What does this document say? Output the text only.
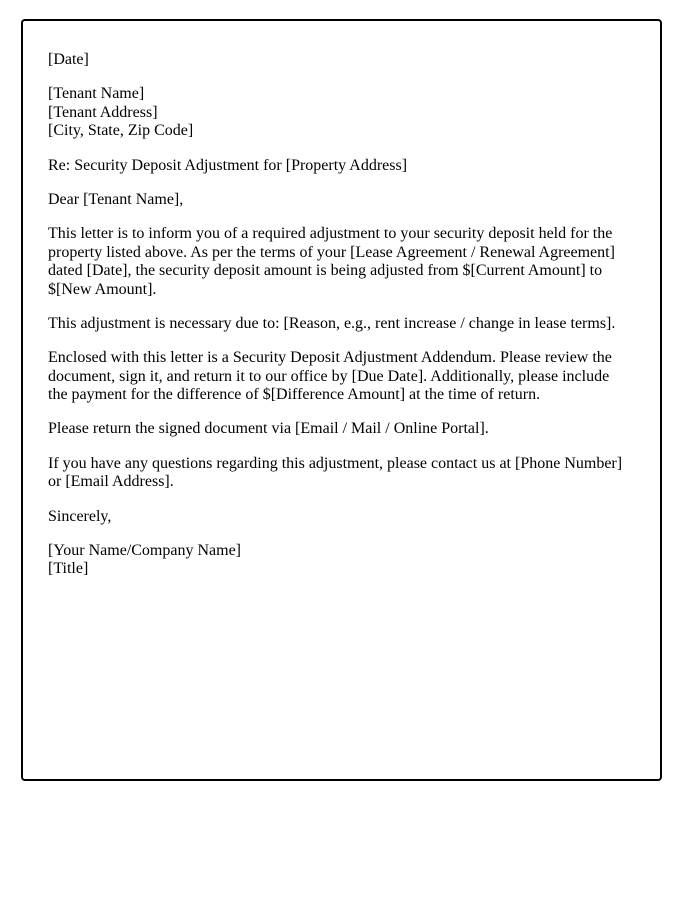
[Date]

[Tenant Name]
[Tenant Address]
[City, State, Zip Code]

Re: Security Deposit Adjustment for [Property Address]

Dear [Tenant Name],

This letter is to inform you of a required adjustment to your security deposit held for the property listed above. As per the terms of your [Lease Agreement / Renewal Agreement] dated [Date], the security deposit amount is being adjusted from $[Current Amount] to $[New Amount].

This adjustment is necessary due to: [Reason, e.g., rent increase / change in lease terms].

Enclosed with this letter is a Security Deposit Adjustment Addendum. Please review the document, sign it, and return it to our office by [Due Date]. Additionally, please include the payment for the difference of $[Difference Amount] at the time of return.

Please return the signed document via [Email / Mail / Online Portal].

If you have any questions regarding this adjustment, please contact us at [Phone Number] or [Email Address].

Sincerely,

[Your Name/Company Name]
[Title]
